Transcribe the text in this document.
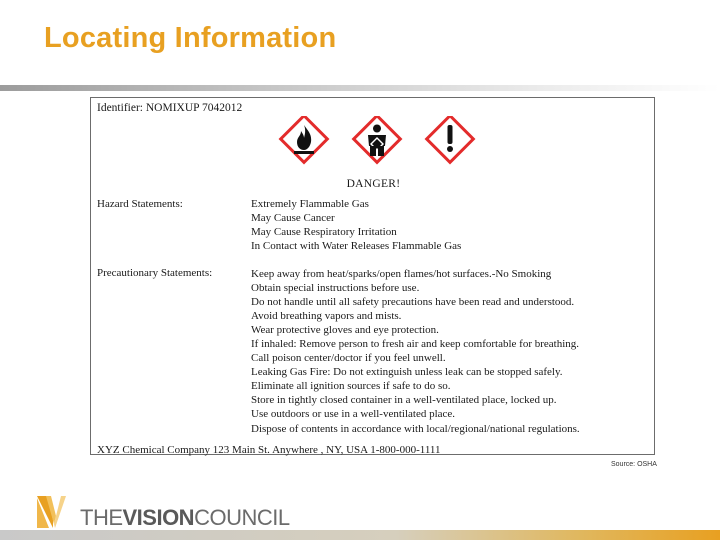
Locating Information
Identifier: NOMIXUP 7042012
DANGER!
Hazard Statements:	Extremely Flammable Gas
May Cause Cancer
May Cause Respiratory Irritation
In Contact with Water Releases Flammable Gas
Precautionary Statements:	Keep away from heat/sparks/open flames/hot surfaces.-No Smoking
Obtain special instructions before use.
Do not handle until all safety precautions have been read and understood.
Avoid breathing vapors and mists.
Wear protective gloves and eye protection.
If inhaled: Remove person to fresh air and keep comfortable for breathing.
Call poison center/doctor if you feel unwell.
Leaking Gas Fire: Do not extinguish unless leak can be stopped safely.
Eliminate all ignition sources if safe to do so.
Store in tightly closed container in a well-ventilated place, locked up.
Use outdoors or use in a well-ventilated place.
Dispose of contents in accordance with local/regional/national regulations.
XYZ Chemical Company 123 Main St. Anywhere , NY, USA 1-800-000-1111
Source: OSHA
THEVISIONCOUNCIL
